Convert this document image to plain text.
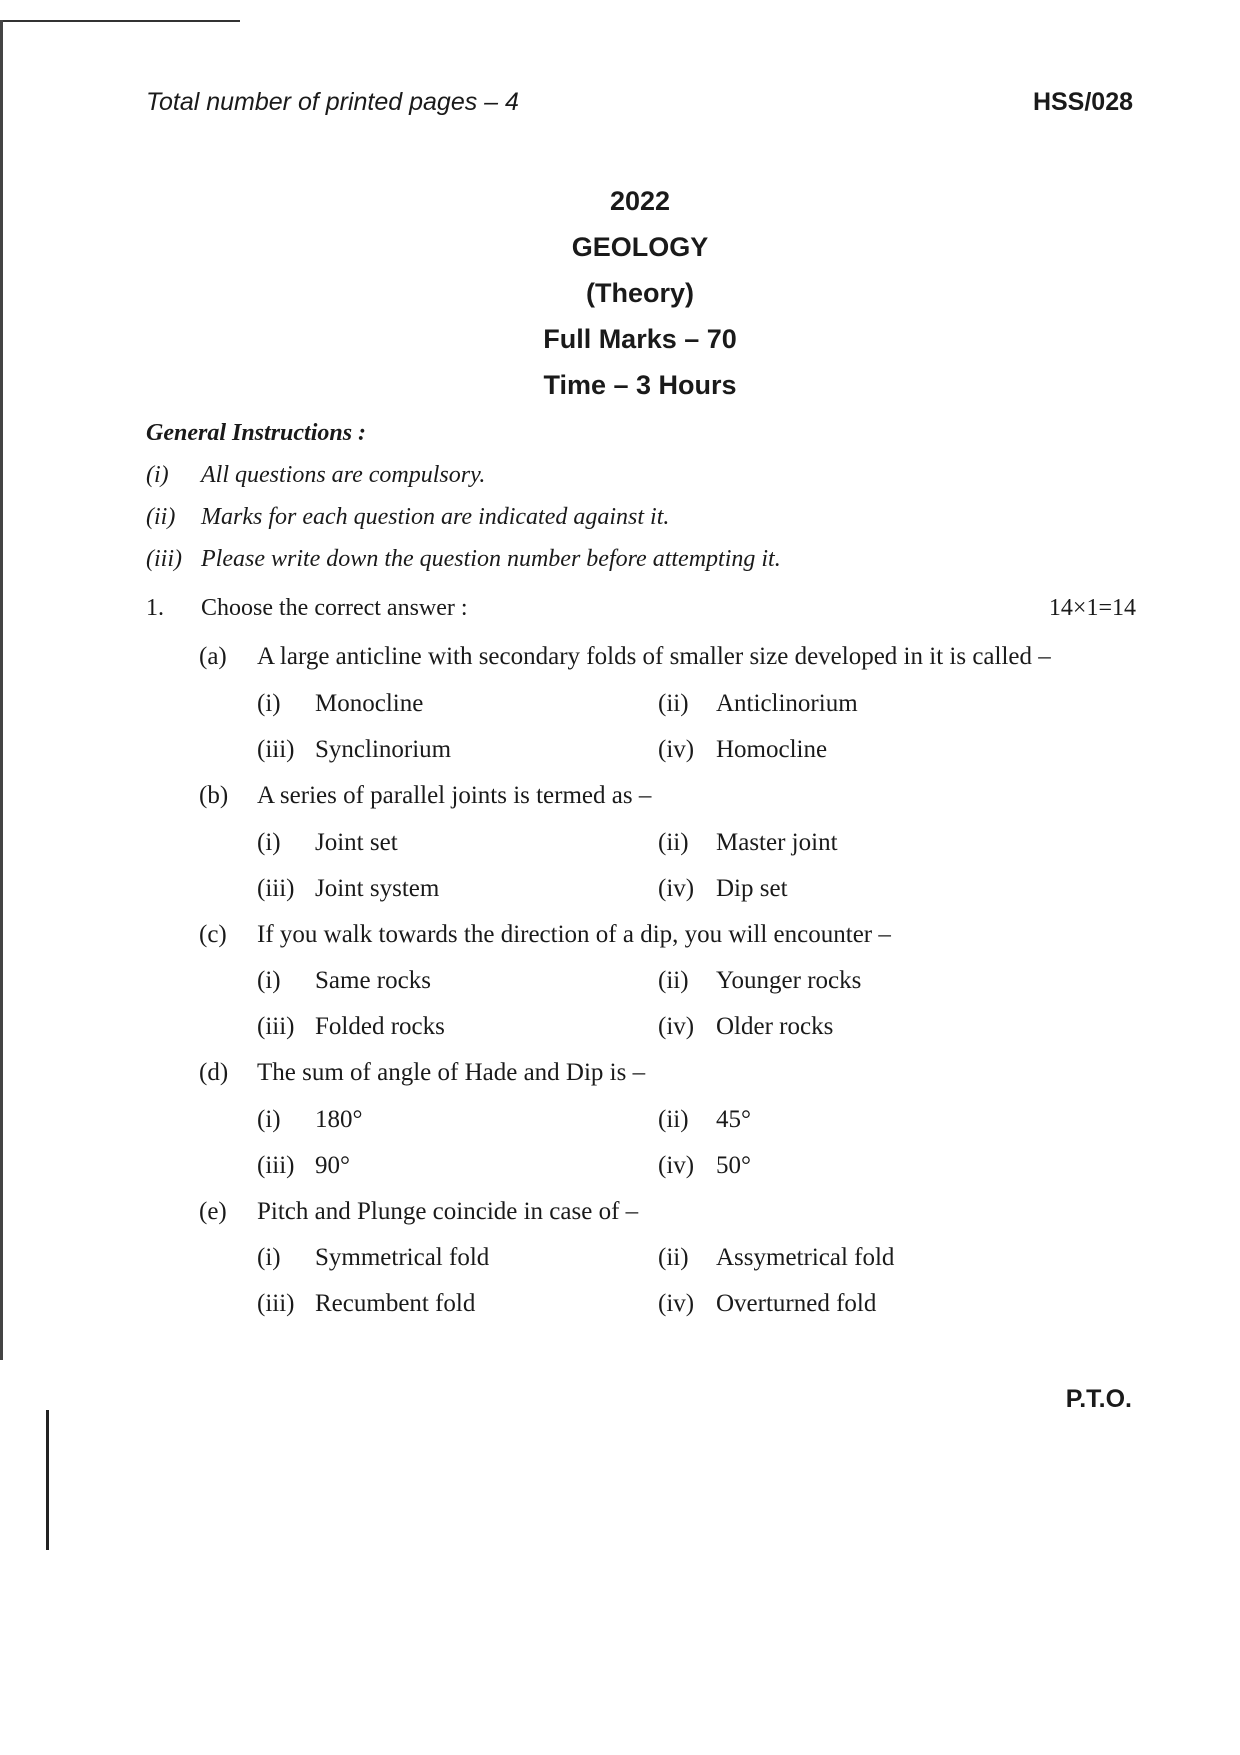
Total number of printed pages – 4	HSS/028
2022
GEOLOGY
(Theory)
Full Marks – 70
Time – 3 Hours
General Instructions :
(i) All questions are compulsory.
(ii) Marks for each question are indicated against it.
(iii) Please write down the question number before attempting it.
1. Choose the correct answer :	14×1=14
(a) A large anticline with secondary folds of smaller size developed in it is called –
(i) Monocline	(ii) Anticlinorium
(iii) Synclinorium	(iv) Homocline
(b) A series of parallel joints is termed as –
(i) Joint set	(ii) Master joint
(iii) Joint system	(iv) Dip set
(c) If you walk towards the direction of a dip, you will encounter –
(i) Same rocks	(ii) Younger rocks
(iii) Folded rocks	(iv) Older rocks
(d) The sum of angle of Hade and Dip is –
(i) 180°	(ii) 45°
(iii) 90°	(iv) 50°
(e) Pitch and Plunge coincide in case of –
(i) Symmetrical fold	(ii) Assymetrical fold
(iii) Recumbent fold	(iv) Overturned fold
P.T.O.
